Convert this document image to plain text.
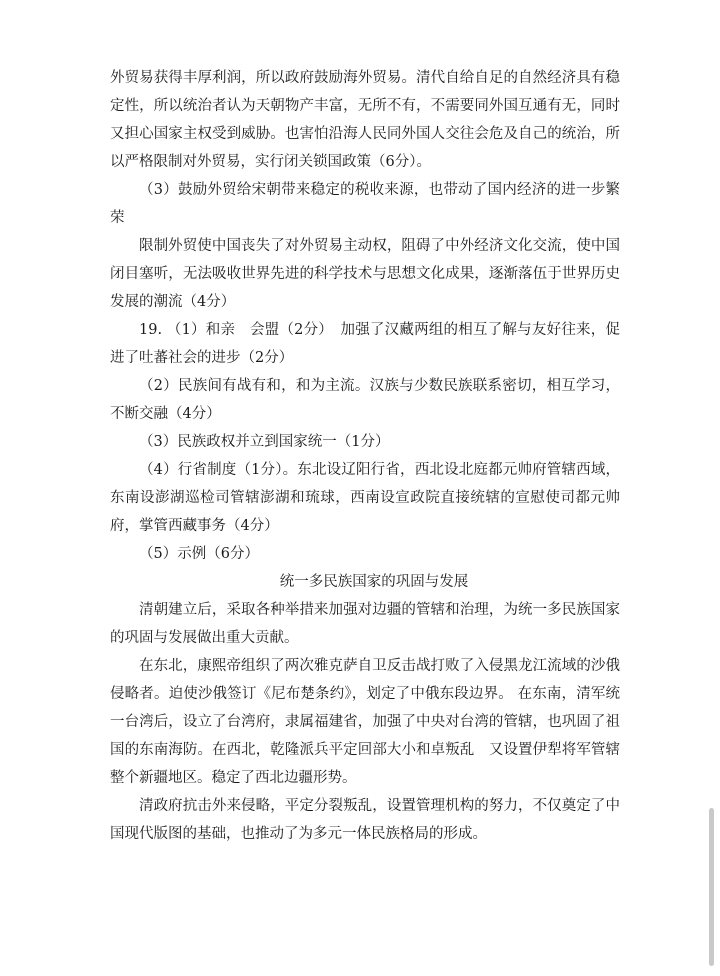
外贸易获得丰厚利润，所以政府鼓励海外贸易。清代自给自足的自然经济具有稳定性，所以统治者认为天朝物产丰富，无所不有，不需要同外国互通有无，同时又担心国家主权受到威胁。也害怕沿海人民同外国人交往会危及自己的统治，所以严格限制对外贸易，实行闭关锁国政策（6分）。

（3）鼓励外贸给宋朝带来稳定的税收来源，也带动了国内经济的进一步繁荣

限制外贸使中国丧失了对外贸易主动权，阻碍了中外经济文化交流，使中国闭目塞听，无法吸收世界先进的科学技术与思想文化成果，逐渐落伍于世界历史发展的潮流（4分）

19. （1）和亲　会盟（2分）　加强了汉藏两组的相互了解与友好往来，促进了吐蕃社会的进步（2分）

（2）民族间有战有和，和为主流。汉族与少数民族联系密切，相互学习，不断交融（4分）

（3）民族政权并立到国家统一（1分）

（4）行省制度（1分）。东北设辽阳行省，西北设北庭都元帅府管辖西域，东南设澎湖巡检司管辖澎湖和琉球，西南设宣政院直接统辖的宣慰使司都元帅府，掌管西藏事务（4分）

（5）示例（6分）

统一多民族国家的巩固与发展

清朝建立后，采取各种举措来加强对边疆的管辖和治理，为统一多民族国家的巩固与发展做出重大贡献。

在东北，康熙帝组织了两次雅克萨自卫反击战打败了入侵黑龙江流域的沙俄侵略者。迫使沙俄签订《尼布楚条约》，划定了中俄东段边界。 在东南，清军统一台湾后，设立了台湾府，隶属福建省，加强了中央对台湾的管辖，也巩固了祖国的东南海防。在西北，乾隆派兵平定回部大小和卓叛乱　又设置伊犁将军管辖整个新疆地区。稳定了西北边疆形势。

清政府抗击外来侵略，平定分裂叛乱，设置管理机构的努力，不仅奠定了中国现代版图的基础，也推动了为多元一体民族格局的形成。
